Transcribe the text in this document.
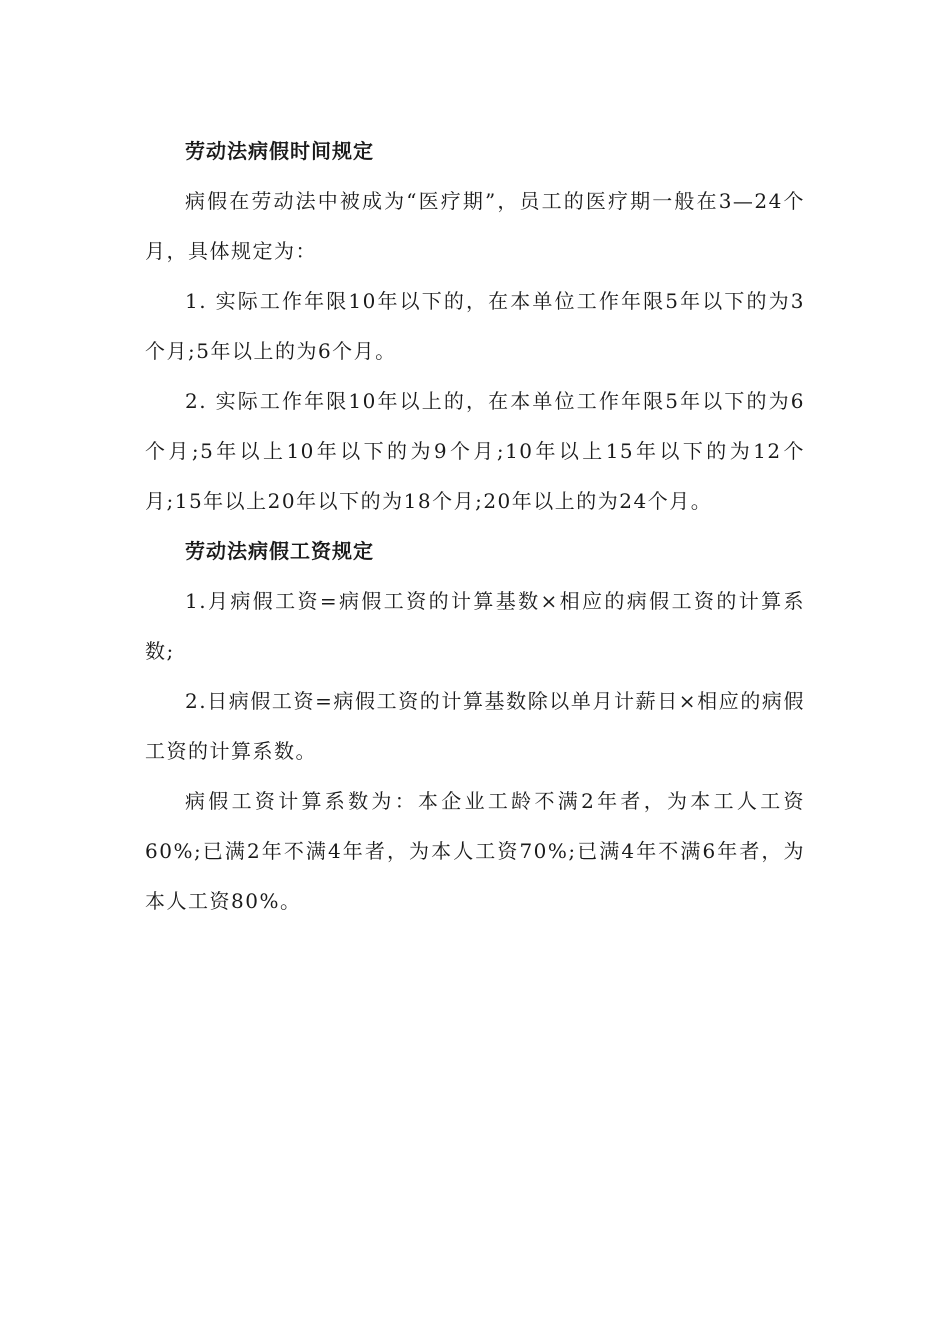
劳动法病假时间规定

病假在劳动法中被成为“医疗期”，员工的医疗期一般在3—24个月，具体规定为：

1. 实际工作年限10年以下的，在本单位工作年限5年以下的为3个月;5年以上的为6个月。

2. 实际工作年限10年以上的，在本单位工作年限5年以下的为6个月;5年以上10年以下的为9个月;10年以上15年以下的为12个月;15年以上20年以下的为18个月;20年以上的为24个月。

劳动法病假工资规定

1.月病假工资=病假工资的计算基数×相应的病假工资的计算系数;

2.日病假工资=病假工资的计算基数除以单月计薪日×相应的病假工资的计算系数。

病假工资计算系数为：本企业工龄不满2年者，为本工人工资60%;已满2年不满4年者，为本人工资70%;已满4年不满6年者，为本人工资80%。
